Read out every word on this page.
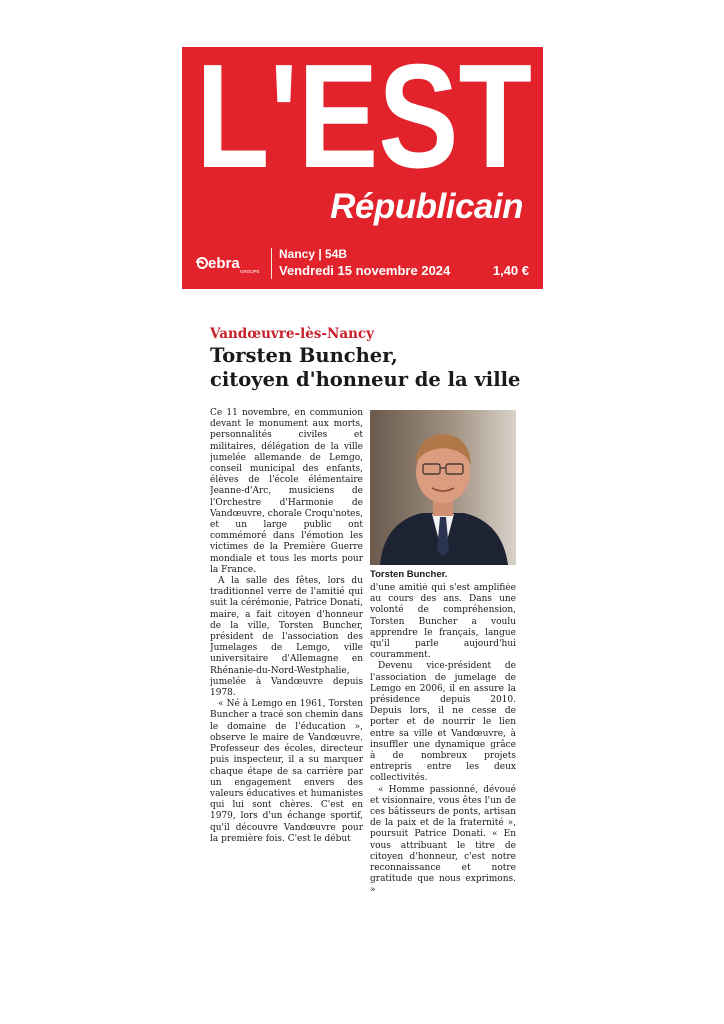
L'EST
Républicain
ebra GROUPE
Nancy | 54B
Vendredi 15 novembre 2024	1,40 €
Vandœuvre-lès-Nancy
Torsten Buncher,
citoyen d'honneur de la ville

Ce 11 novembre, en communion devant le monument aux morts, personnalités civiles et militaires, délégation de la ville jumelée allemande de Lemgo, conseil municipal des enfants, élèves de l'école élémentaire Jeanne-d'Arc, musiciens de l'Orchestre d'Harmonie de Vandœuvre, chorale Croqu'notes, et un large public ont commémoré dans l'émotion les victimes de la Première Guerre mondiale et tous les morts pour la France.

A la salle des fêtes, lors du traditionnel verre de l'amitié qui suit la cérémonie, Patrice Donati, maire, a fait citoyen d'honneur de la ville, Torsten Buncher, président de l'association des Jumelages de Lemgo, ville universitaire d'Allemagne en Rhénanie-du-Nord-Westphalie, jumelée à Vandœuvre depuis 1978.

« Né à Lemgo en 1961, Torsten Buncher a tracé son chemin dans le domaine de l'éducation », observe le maire de Vandœuvre. Professeur des écoles, directeur puis inspecteur, il a su marquer chaque étape de sa carrière par un engagement envers des valeurs éducatives et humanistes qui lui sont chères. C'est en 1979, lors d'un échange sportif, qu'il découvre Vandœuvre pour la première fois. C'est le début

Torsten Buncher.

d'une amitié qui s'est amplifiée au cours des ans. Dans une volonté de compréhension, Torsten Buncher a voulu apprendre le français, langue qu'il parle aujourd'hui couramment.

Devenu vice-président de l'association de jumelage de Lemgo en 2006, il en assure la présidence depuis 2010. Depuis lors, il ne cesse de porter et de nourrir le lien entre sa ville et Vandœuvre, à insuffler une dynamique grâce à de nombreux projets entrepris entre les deux collectivités.

« Homme passionné, dévoué et visionnaire, vous êtes l'un de ces bâtisseurs de ponts, artisan de la paix et de la fraternité », poursuit Patrice Donati. « En vous attribuant le titre de citoyen d'honneur, c'est notre reconnaissance et notre gratitude que nous exprimons. »
